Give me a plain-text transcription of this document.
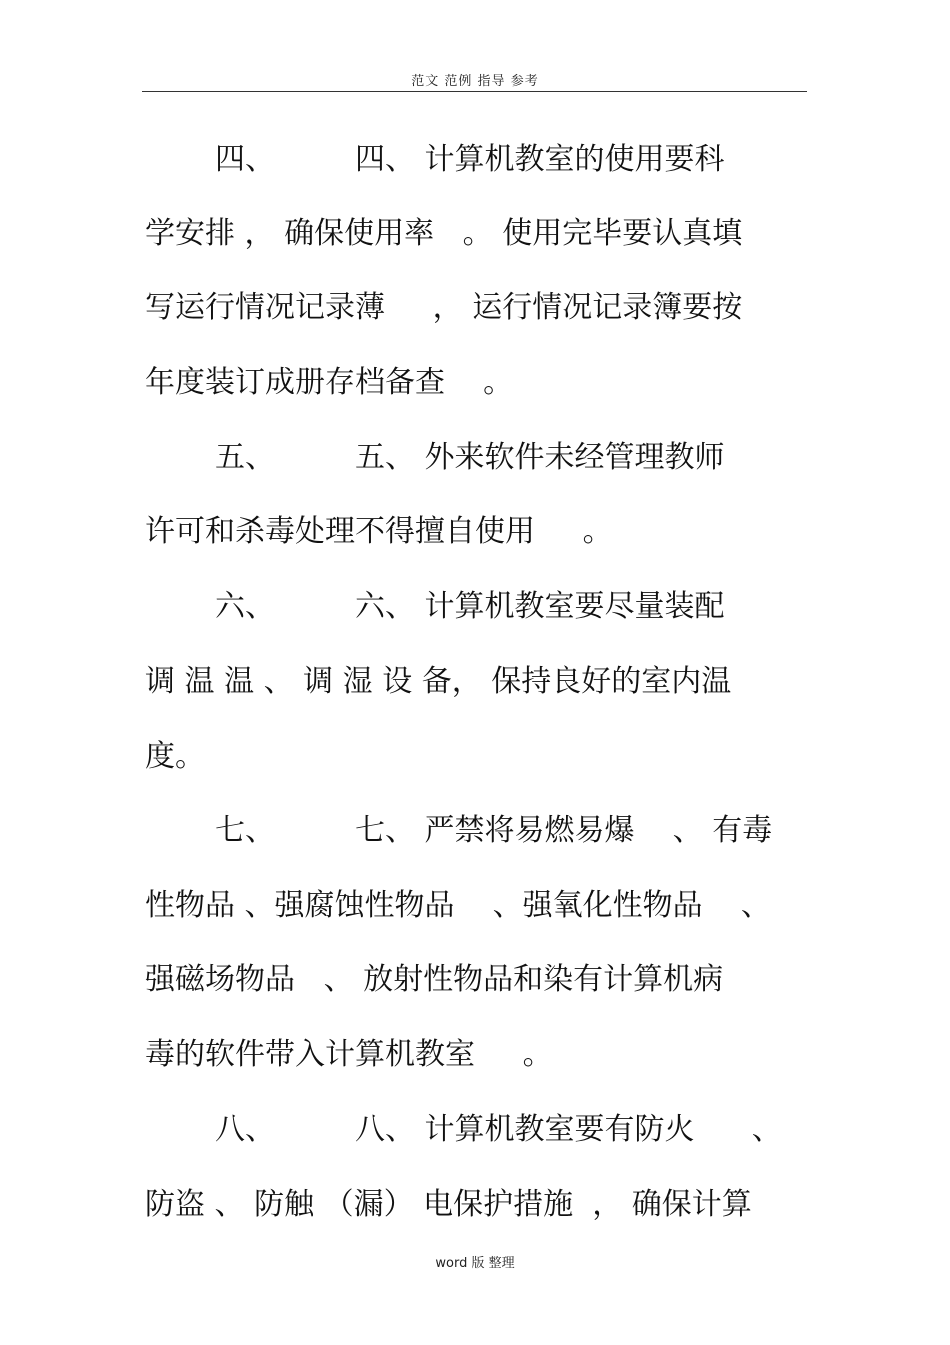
范文 范例 指导 参考
四、	四、 计算机教室的使用要科
学安排 ， 确保使用率   。 使用完毕要认真填
写运行情况记录薄     ， 运行情况记录簿要按
年度装订成册存档备查    。
五、	五、 外来软件未经管理教师
许可和杀毒处理不得擅自使用     。
六、	六、 计算机教室要尽量装配
调 温 温 、 调 湿 设 备， 保持良好的室内温
度。
七、	七、 严禁将易燃易爆    、 有毒
性物品 、强腐蚀性物品    、强氧化性物品    、
强磁场物品   、 放射性物品和染有计算机病
毒的软件带入计算机教室     。
八、	八、 计算机教室要有防火      、
防盗 、 防触 （漏） 电保护措施  ， 确保计算
word 版 整理
